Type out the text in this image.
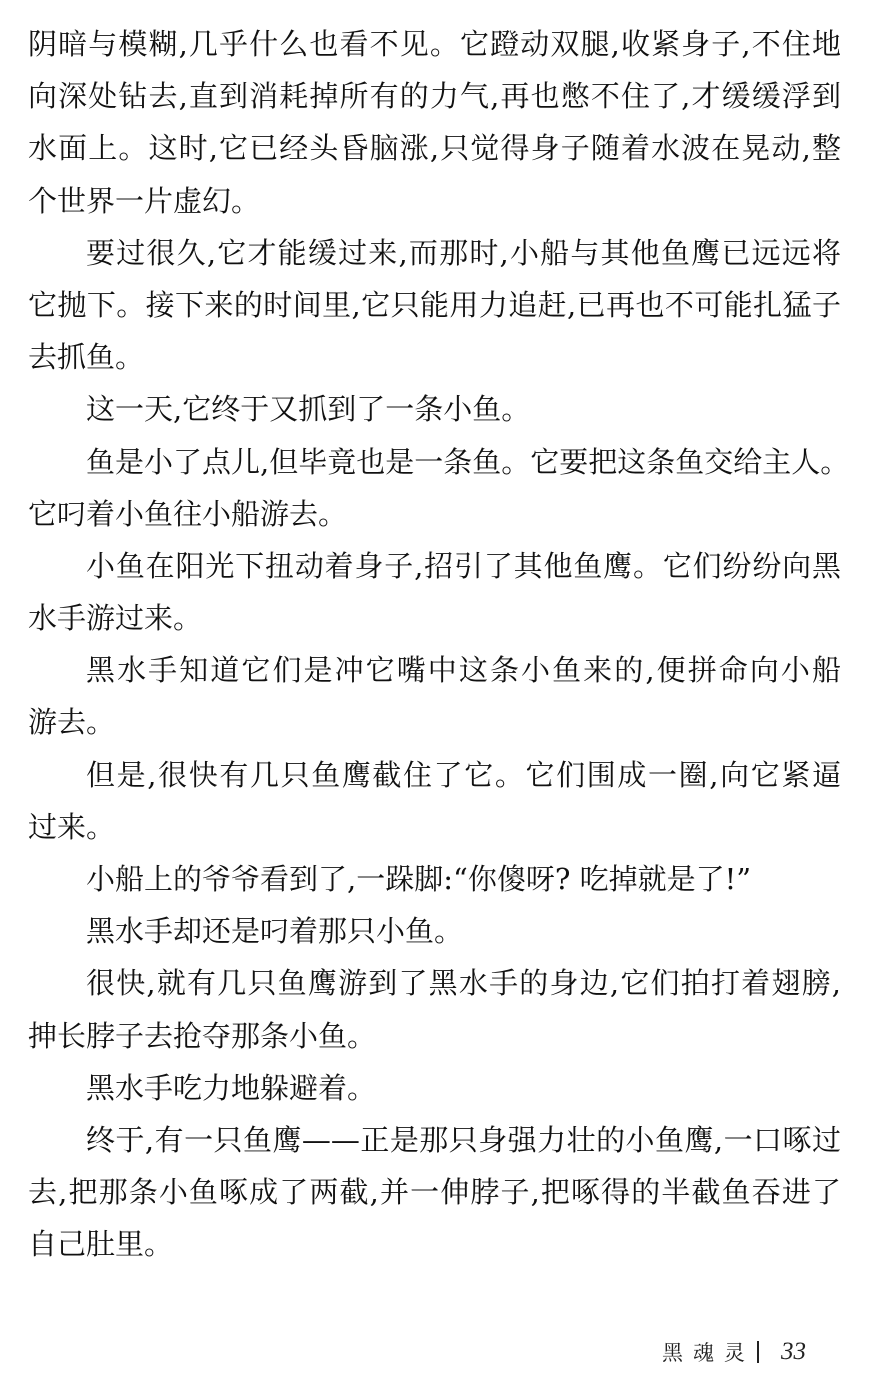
阴暗与模糊,几乎什么也看不见。它蹬动双腿,收紧身子,不住地
向深处钻去,直到消耗掉所有的力气,再也憋不住了,才缓缓浮到
水面上。这时,它已经头昏脑涨,只觉得身子随着水波在晃动,整
个世界一片虚幻。
要过很久,它才能缓过来,而那时,小船与其他鱼鹰已远远将
它抛下。接下来的时间里,它只能用力追赶,已再也不可能扎猛子
去抓鱼。
这一天,它终于又抓到了一条小鱼。
鱼是小了点儿,但毕竟也是一条鱼。它要把这条鱼交给主人。
它叼着小鱼往小船游去。
小鱼在阳光下扭动着身子,招引了其他鱼鹰。它们纷纷向黑
水手游过来。
黑水手知道它们是冲它嘴中这条小鱼来的,便拼命向小船
游去。
但是,很快有几只鱼鹰截住了它。它们围成一圈,向它紧逼
过来。
小船上的爷爷看到了,一跺脚:“你傻呀? 吃掉就是了!”
黑水手却还是叼着那只小鱼。
很快,就有几只鱼鹰游到了黑水手的身边,它们拍打着翅膀,
抻长脖子去抢夺那条小鱼。
黑水手吃力地躲避着。
终于,有一只鱼鹰——正是那只身强力壮的小鱼鹰,一口啄过
去,把那条小鱼啄成了两截,并一伸脖子,把啄得的半截鱼吞进了
自己肚里。
黑魂灵 33
